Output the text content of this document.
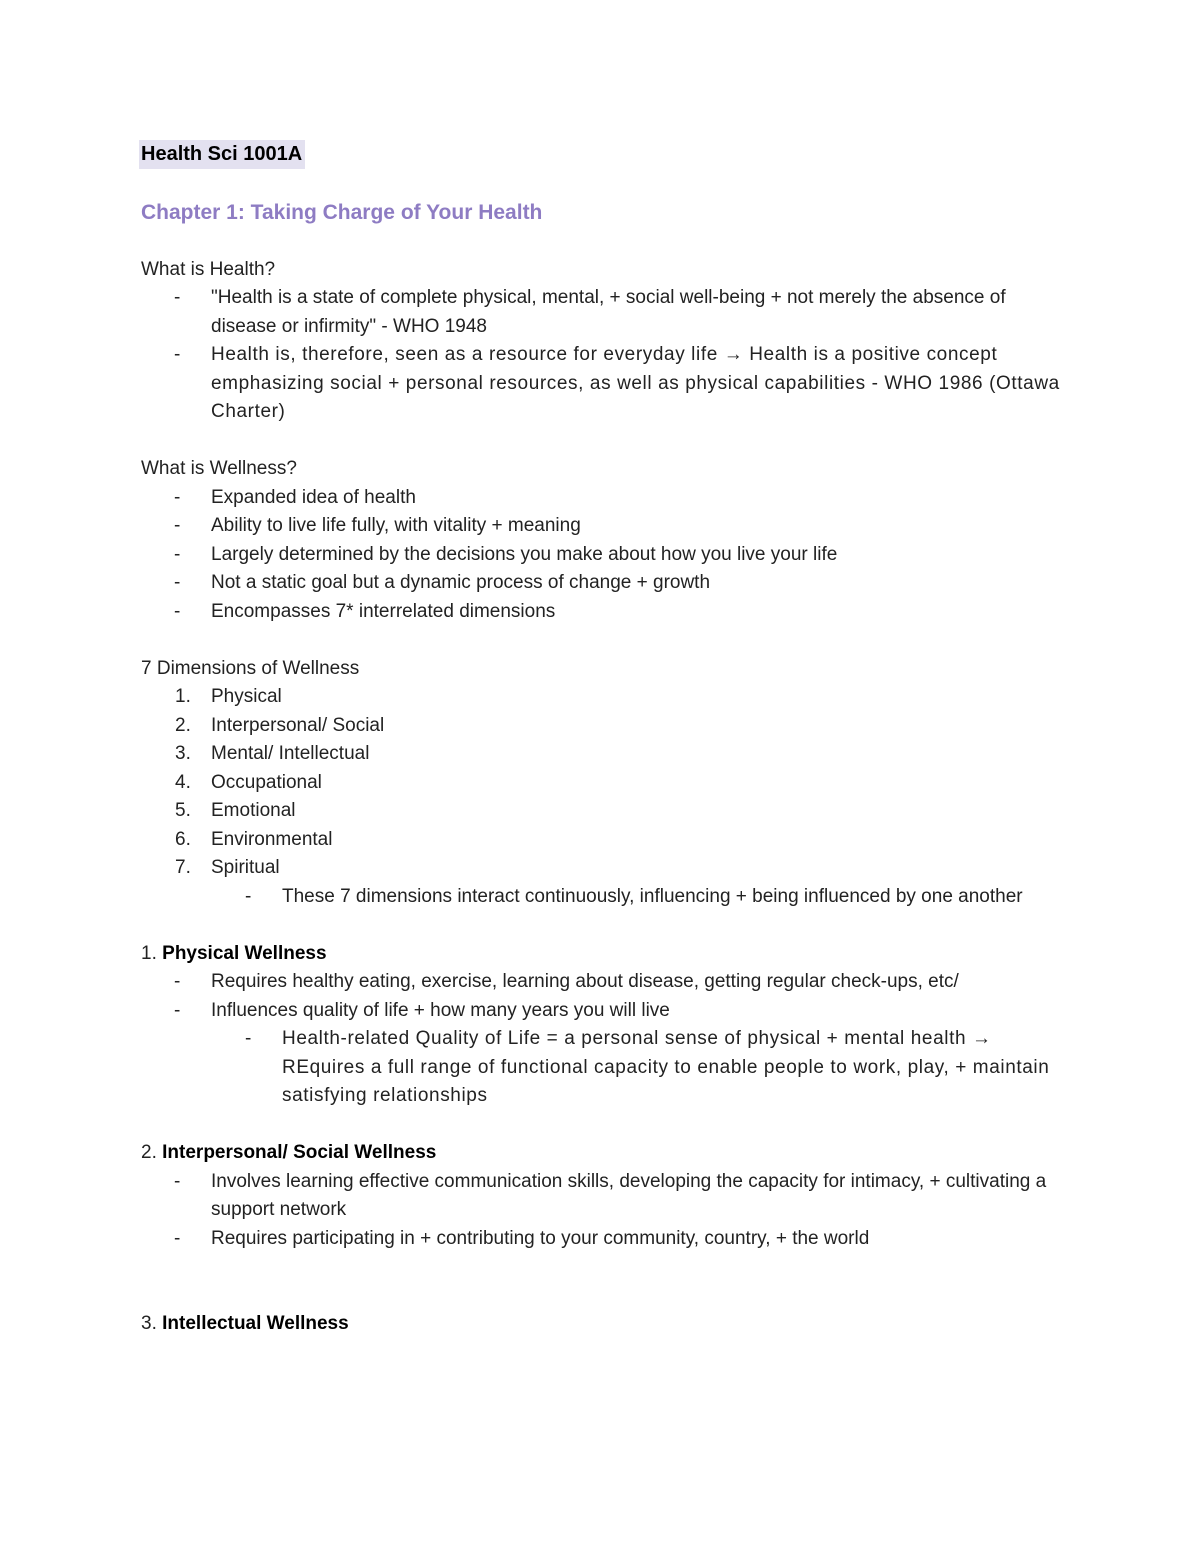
Health Sci 1001A
Chapter 1: Taking Charge of Your Health
What is Health?
- "Health is a state of complete physical, mental, + social well-being + not merely the absence of disease or infirmity" - WHO 1948
- Health is, therefore, seen as a resource for everyday life → Health is a positive concept emphasizing social + personal resources, as well as physical capabilities - WHO 1986 (Ottawa Charter)
What is Wellness?
- Expanded idea of health
- Ability to live life fully, with vitality + meaning
- Largely determined by the decisions you make about how you live your life
- Not a static goal but a dynamic process of change + growth
- Encompasses 7* interrelated dimensions
7 Dimensions of Wellness
1. Physical
2. Interpersonal/ Social
3. Mental/ Intellectual
4. Occupational
5. Emotional
6. Environmental
7. Spiritual
- These 7 dimensions interact continuously, influencing + being influenced by one another
1. Physical Wellness
- Requires healthy eating, exercise, learning about disease, getting regular check-ups, etc/
- Influences quality of life + how many years you will live
- Health-related Quality of Life = a personal sense of physical + mental health → REquires a full range of functional capacity to enable people to work, play, + maintain satisfying relationships
2. Interpersonal/ Social Wellness
- Involves learning effective communication skills, developing the capacity for intimacy, + cultivating a support network
- Requires participating in + contributing to your community, country, + the world
3. Intellectual Wellness
